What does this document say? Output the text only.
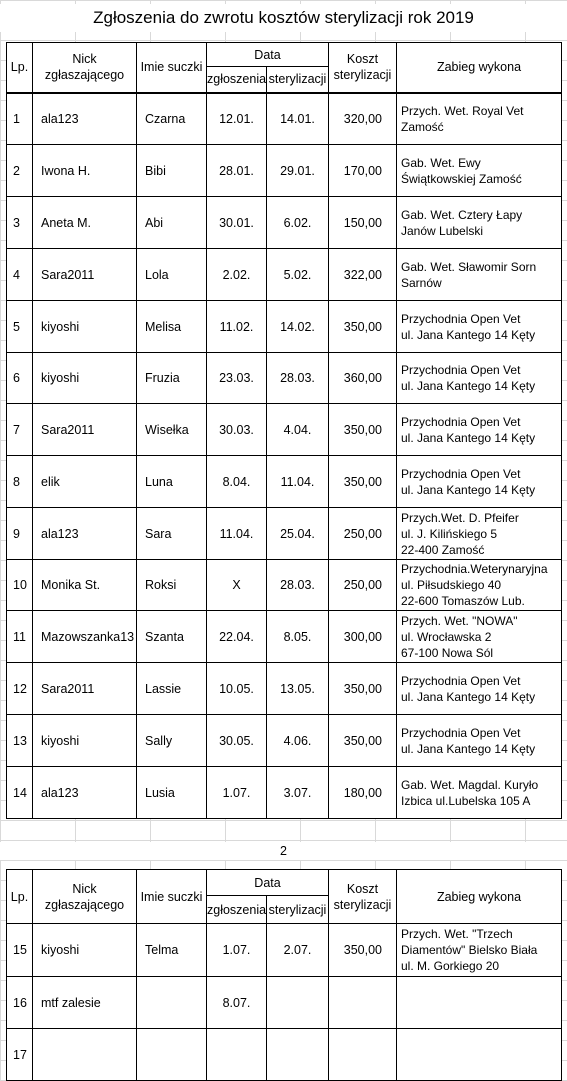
Zgłoszenia do zwrotu kosztów sterylizacji rok 2019
Lp.	Nick zgłaszającego	Imie suczki	Data		Koszt sterylizacji	Zabieg wykona
			zgłoszenia	sterylizacji		
1	ala123	Czarna	12.01.	14.01.	320,00	Przych. Wet. Royal Vet
Zamość

2	Iwona H.	Bibi	28.01.	29.01.	170,00	Gab. Wet. Ewy
Świątkowskiej Zamość

3	Aneta M.	Abi	30.01.	6.02.	150,00	Gab. Wet. Cztery Łapy
Janów Lubelski

4	Sara2011	Lola	2.02.	5.02.	322,00	Gab. Wet. Sławomir Sorn
Sarnów

5	kiyoshi	Melisa	11.02.	14.02.	350,00	Przychodnia Open Vet
ul. Jana Kantego 14 Kęty

6	kiyoshi	Fruzia	23.03.	28.03.	360,00	Przychodnia Open Vet
ul. Jana Kantego 14 Kęty

7	Sara2011	Wisełka	30.03.	4.04.	350,00	Przychodnia Open Vet
ul. Jana Kantego 14 Kęty

8	elik	Luna	8.04.	11.04.	350,00	Przychodnia Open Vet
ul. Jana Kantego 14 Kęty

9	ala123	Sara	11.04.	25.04.	250,00	Przych.Wet. D. Pfeifer
ul. J. Kilińskiego 5
22-400 Zamość

10	Monika St.	Roksi	X	28.03.	250,00	Przychodnia.Weterynaryjna
ul. Piłsudskiego 40
22-600 Tomaszów Lub.

11	Mazowszanka13	Szanta	22.04.	8.05.	300,00	Przych. Wet. "NOWA"
ul. Wrocławska 2
67-100 Nowa Sól

12	Sara2011	Lassie	10.05.	13.05.	350,00	Przychodnia Open Vet
ul. Jana Kantego 14 Kęty

13	kiyoshi	Sally	30.05.	4.06.	350,00	Przychodnia Open Vet
ul. Jana Kantego 14 Kęty

14	ala123	Lusia	1.07.	3.07.	180,00	Gab. Wet. Magdal. Kuryło
Izbica ul.Lubelska 105 A
2
Lp.	Nick zgłaszającego	Imie suczki	Data		Koszt sterylizacji	Zabieg wykona
			zgłoszenia	sterylizacji		
15	kiyoshi	Telma	1.07.	2.07.	350,00	Przych. Wet. "Trzech
Diamentów" Bielsko Biała
ul. M. Gorkiego 20

16	mtf zalesie		8.07.			
17						
